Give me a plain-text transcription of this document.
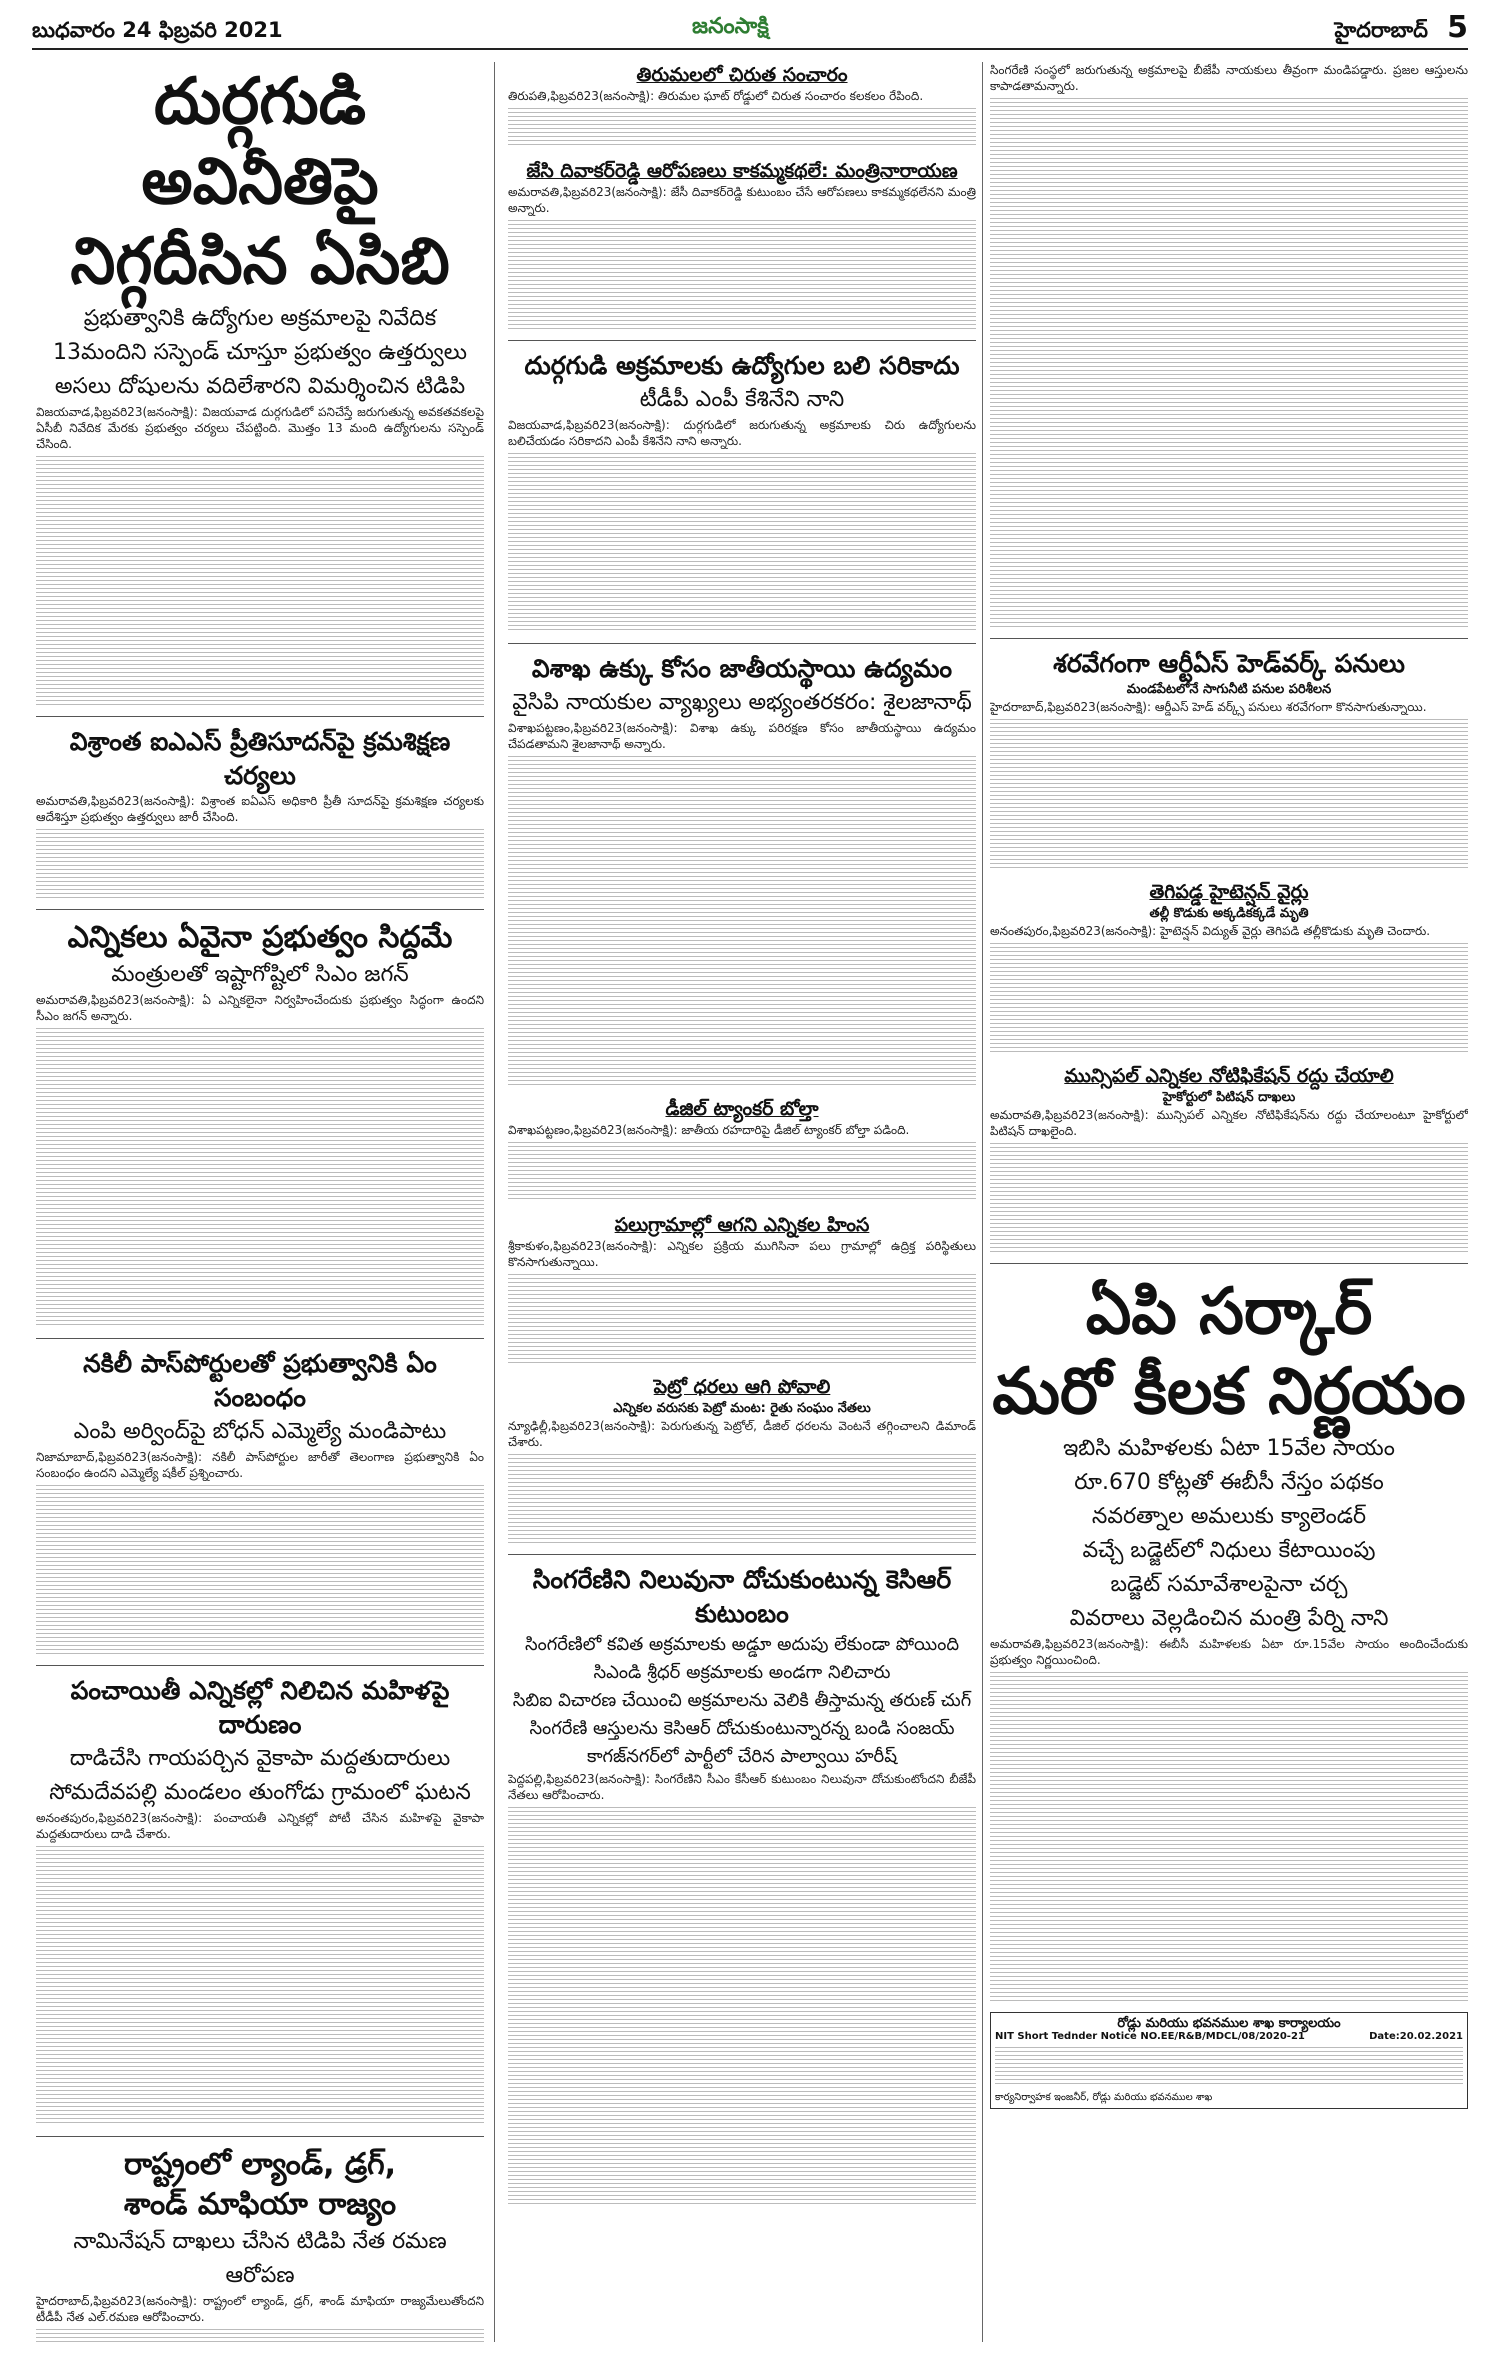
బుధవారం 24 ఫిబ్రవరి 2021	జనంసాక్షి	హైదరాబాద్ 5
దుర్గగుడి అవినీతిపై
నిగ్గదీసిన ఏసిబి
ప్రభుత్వానికి ఉద్యోగుల అక్రమాలపై నివేదిక
13మందిని సస్పెండ్‌ చూస్తూ ప్రభుత్వం ఉత్తర్వులు
అసలు దోషులను వదిలేశారని విమర్శించిన టిడిపి
విజయవాడ,ఫిబ్రవరి23(జనంసాక్షి): విజయవాడ దుర్గగుడిలో పనిచేస్తే జరుగుతున్న అవకతవకలపై ఏసీబీ నివేదిక మేరకు ప్రభుత్వం చర్యలు చేపట్టింది. మొత్తం 13 మంది ఉద్యోగులను సస్పెండ్‌ చేసింది.
విశ్రాంత ఐఎఎస్‌ ప్రీతిసూదన్‌పై క్రమశిక్షణ చర్యలు
అమరావతి,ఫిబ్రవరి23(జనంసాక్షి): విశ్రాంత ఐఏఎస్‌ అధికారి ప్రీతీ సూదన్‌పై క్రమశిక్షణ చర్యలకు ఆదేశిస్తూ ప్రభుత్వం ఉత్తర్వులు జారీ చేసింది.
ఎన్నికలు ఏవైనా ప్రభుత్వం సిద్దమే
మంత్రులతో ఇష్టాగోష్టిలో సిఎం జగన్‌
అమరావతి,ఫిబ్రవరి23(జనంసాక్షి): ఏ ఎన్నికలైనా నిర్వహించేందుకు ప్రభుత్వం సిద్ధంగా ఉందని సీఎం జగన్‌ అన్నారు.
నకిలీ పాస్‌పోర్టులతో ప్రభుత్వానికి ఏం సంబంధం
ఎంపి అర్వింద్‌పై బోధన్‌ ఎమ్మెల్యే మండిపాటు
నిజామాబాద్‌,ఫిబ్రవరి23(జనంసాక్షి): నకిలీ పాస్‌పోర్టుల జారీతో తెలంగాణ ప్రభుత్వానికి ఏం సంబంధం ఉందని ఎమ్మెల్యే షకీల్‌ ప్రశ్నించారు.
పంచాయితీ ఎన్నికల్లో నిలిచిన మహిళపై దారుణం
దాడిచేసి గాయపర్చిన వైకాపా మద్దతుదారులు
సోమదేవపల్లి మండలం తుంగోడు గ్రామంలో ఘటన
అనంతపురం,ఫిబ్రవరి23(జనంసాక్షి): పంచాయతీ ఎన్నికల్లో పోటీ చేసిన మహిళపై వైకాపా మద్దతుదారులు దాడి చేశారు.
రాష్ట్రంలో ల్యాండ్‌, డ్రగ్‌,
శాండ్‌ మాఫియా రాజ్యం
నామినేషన్‌ దాఖలు చేసిన టిడిపి నేత రమణ ఆరోపణ
హైదరాబాద్‌,ఫిబ్రవరి23(జనంసాక్షి): రాష్ట్రంలో ల్యాండ్‌, డ్రగ్‌, శాండ్‌ మాఫియా రాజ్యమేలుతోందని టీడీపీ నేత ఎల్‌.రమణ ఆరోపించారు.
తిరుమలలో చిరుత సంచారం
తిరుపతి,ఫిబ్రవరి23(జనంసాక్షి): తిరుమల ఘాట్‌ రోడ్డులో చిరుత సంచారం కలకలం రేపింది.
జేసి దివాకర్‌రెడ్డి ఆరోపణలు కాకమ్మకథలే: మంత్రినారాయణ
అమరావతి,ఫిబ్రవరి23(జనంసాక్షి): జేసీ దివాకర్‌రెడ్డి కుటుంబం చేసే ఆరోపణలు కాకమ్మకథలేనని మంత్రి అన్నారు.
దుర్గగుడి అక్రమాలకు ఉద్యోగుల బలి సరికాదు
టీడీపీ ఎంపీ కేశినేని నాని
విజయవాడ,ఫిబ్రవరి23(జనంసాక్షి): దుర్గగుడిలో జరుగుతున్న అక్రమాలకు చిరు ఉద్యోగులను బలిచేయడం సరికాదని ఎంపీ కేశినేని నాని అన్నారు.
విశాఖ ఉక్కు కోసం జాతీయస్థాయి ఉద్యమం
వైసిపి నాయకుల వ్యాఖ్యలు అభ్యంతరకరం: శైలజానాథ్‌
విశాఖపట్టణం,ఫిబ్రవరి23(జనంసాక్షి): విశాఖ ఉక్కు పరిరక్షణ కోసం జాతీయస్థాయి ఉద్యమం చేపడతామని శైలజానాథ్‌ అన్నారు.
డీజిల్‌ ట్యాంకర్‌ బోల్తా
విశాఖపట్టణం,ఫిబ్రవరి23(జనంసాక్షి): జాతీయ రహదారిపై డీజిల్‌ ట్యాంకర్‌ బోల్తా పడింది.
పలుగ్రామాల్లో ఆగని ఎన్నికల హింస
శ్రీకాకుళం,ఫిబ్రవరి23(జనంసాక్షి): ఎన్నికల ప్రక్రియ ముగిసినా పలు గ్రామాల్లో ఉద్రిక్త పరిస్థితులు కొనసాగుతున్నాయి.
పెట్రో ధరలు ఆగి పోవాలి
ఎన్నికల వరుసకు పెట్రో మంట: రైతు సంఘం నేతలు
న్యూఢిల్లీ,ఫిబ్రవరి23(జనంసాక్షి): పెరుగుతున్న పెట్రోల్‌, డీజిల్‌ ధరలను వెంటనే తగ్గించాలని డిమాండ్‌ చేశారు.
సింగరేణిని నిలువునా దోచుకుంటున్న కెసిఆర్‌ కుటుంబం
సింగరేణిలో కవిత అక్రమాలకు అడ్డూ అదుపు లేకుండా పోయింది
సిఎండి శ్రీధర్‌ అక్రమాలకు అండగా నిలిచారు
సిబిఐ విచారణ చేయించి అక్రమాలను వెలికి తీస్తామన్న తరుణ్‌ చుగ్‌
సింగరేణి ఆస్తులను కెసిఆర్‌ దోచుకుంటున్నారన్న బండి సంజయ్‌
కాగజ్‌నగర్‌లో పార్టీలో చేరిన పాల్వాయి హరీష్‌
పెద్దపల్లి,ఫిబ్రవరి23(జనంసాక్షి): సింగరేణిని సీఎం కేసీఆర్‌ కుటుంబం నిలువునా దోచుకుంటోందని బీజేపీ నేతలు ఆరోపించారు.
సింగరేణి సంస్థలో జరుగుతున్న అక్రమాలపై బీజేపీ నాయకులు తీవ్రంగా మండిపడ్డారు. ప్రజల ఆస్తులను కాపాడతామన్నారు.
శరవేగంగా ఆర్టీఏస్‌ హెడ్‌వర్క్‌ పనులు
మండపేటలోనే సాగునీటి పనుల పరిశీలన
హైదరాబాద్‌,ఫిబ్రవరి23(జనంసాక్షి): ఆర్డీఎస్‌ హెడ్‌ వర్క్స్‌ పనులు శరవేగంగా కొనసాగుతున్నాయి.
తెగిపడ్డ హైటెన్షన్‌ వైర్లు
తల్లీ కొడుకు అక్కడికక్కడే మృతి
అనంతపురం,ఫిబ్రవరి23(జనంసాక్షి): హైటెన్షన్‌ విద్యుత్‌ వైర్లు తెగిపడి తల్లీకొడుకు మృతి చెందారు.
మున్సిపల్‌ ఎన్నికల నోటిఫికేషన్‌ రద్దు చేయాలి
హైకోర్టులో పిటిషన్‌ దాఖలు
అమరావతి,ఫిబ్రవరి23(జనంసాక్షి): మున్సిపల్‌ ఎన్నికల నోటిఫికేషన్‌ను రద్దు చేయాలంటూ హైకోర్టులో పిటిషన్‌ దాఖలైంది.
ఏపి సర్కార్‌
మరో కీలక నిర్ణయం
ఇబిసి మహిళలకు ఏటా 15వేల సాయం
రూ.670 కోట్లతో ఈబీసీ నేస్తం పథకం
నవరత్నాల అమలుకు క్యాలెండర్‌
వచ్చే బడ్జెట్‌లో నిధులు కేటాయింపు
బడ్జెట్‌ సమావేశాలపైనా చర్చ
వివరాలు వెల్లడించిన మంత్రి పేర్ని నాని
అమరావతి,ఫిబ్రవరి23(జనంసాక్షి): ఈబీసీ మహిళలకు ఏటా రూ.15వేల సాయం అందించేందుకు ప్రభుత్వం నిర్ణయించింది.
రోడ్లు మరియు భవనముల శాఖ కార్యాలయం
NIT Short Tednder Notice NO.EE/R&B/MDCL/08/2020-21	Date:20.02.2021
కార్యనిర్వాహక ఇంజనీర్‌, రోడ్లు మరియు భవనముల శాఖ
